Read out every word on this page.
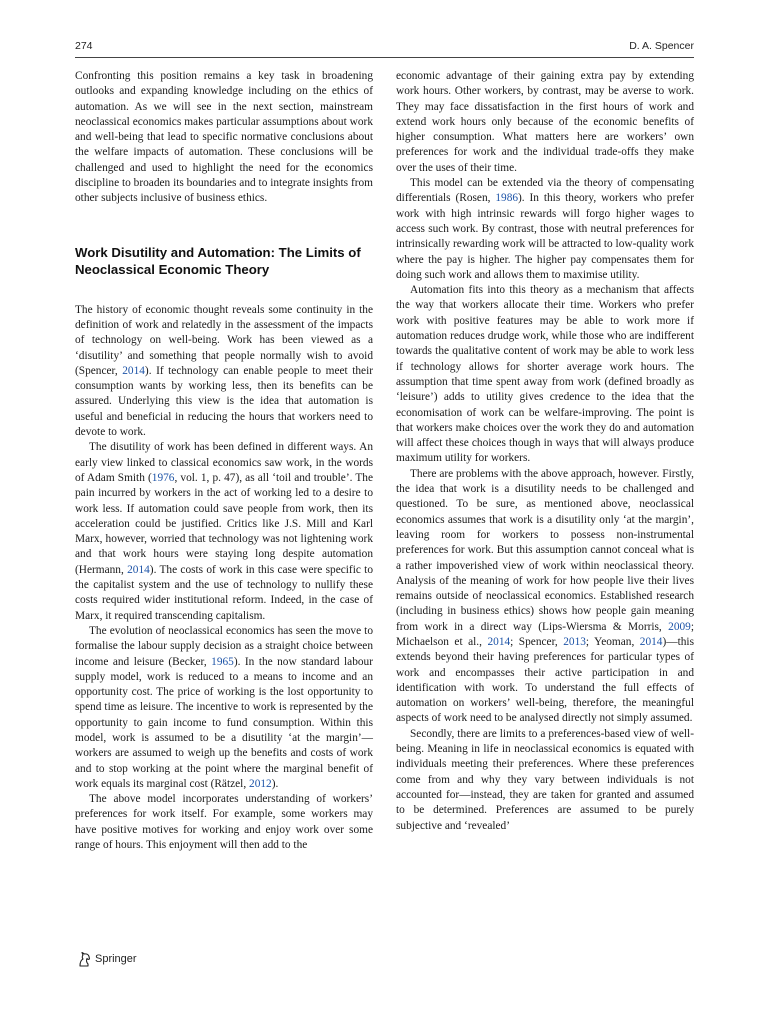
274	D. A. Spencer

Confronting this position remains a key task in broadening outlooks and expanding knowledge including on the ethics of automation. As we will see in the next section, mainstream neoclassical economics makes particular assumptions about work and well-being that lead to specific normative conclusions about the welfare impacts of automation. These conclusions will be challenged and used to highlight the need for the economics discipline to broaden its boundaries and to integrate insights from other subjects inclusive of business ethics.

Work Disutility and Automation: The Limits of Neoclassical Economic Theory

The history of economic thought reveals some continuity in the definition of work and relatedly in the assessment of the impacts of technology on well-being. Work has been viewed as a ‘disutility’ and something that people normally wish to avoid (Spencer, 2014). If technology can enable people to meet their consumption wants by working less, then its benefits can be assured. Underlying this view is the idea that automation is useful and beneficial in reducing the hours that workers need to devote to work.

The disutility of work has been defined in different ways. An early view linked to classical economics saw work, in the words of Adam Smith (1976, vol. 1, p. 47), as all ‘toil and trouble’. The pain incurred by workers in the act of working led to a desire to work less. If automation could save people from work, then its acceleration could be justified. Critics like J.S. Mill and Karl Marx, however, worried that technology was not lightening work and that work hours were staying long despite automation (Hermann, 2014). The costs of work in this case were specific to the capitalist system and the use of technology to nullify these costs required wider institutional reform. Indeed, in the case of Marx, it required transcending capitalism.

The evolution of neoclassical economics has seen the move to formalise the labour supply decision as a straight choice between income and leisure (Becker, 1965). In the now standard labour supply model, work is reduced to a means to income and an opportunity cost. The price of working is the lost opportunity to spend time as leisure. The incentive to work is represented by the opportunity to gain income to fund consumption. Within this model, work is assumed to be a disutility ‘at the margin’—workers are assumed to weigh up the benefits and costs of work and to stop working at the point where the marginal benefit of work equals its marginal cost (Rätzel, 2012).

The above model incorporates understanding of workers’ preferences for work itself. For example, some workers may have positive motives for working and enjoy work over some range of hours. This enjoyment will then add to the

economic advantage of their gaining extra pay by extending work hours. Other workers, by contrast, may be averse to work. They may face dissatisfaction in the first hours of work and extend work hours only because of the economic benefits of higher consumption. What matters here are workers’ own preferences for work and the individual trade-offs they make over the uses of their time.

This model can be extended via the theory of compensating differentials (Rosen, 1986). In this theory, workers who prefer work with high intrinsic rewards will forgo higher wages to access such work. By contrast, those with neutral preferences for intrinsically rewarding work will be attracted to low-quality work where the pay is higher. The higher pay compensates them for doing such work and allows them to maximise utility.

Automation fits into this theory as a mechanism that affects the way that workers allocate their time. Workers who prefer work with positive features may be able to work more if automation reduces drudge work, while those who are indifferent towards the qualitative content of work may be able to work less if technology allows for shorter average work hours. The assumption that time spent away from work (defined broadly as ‘leisure’) adds to utility gives credence to the idea that the economisation of work can be welfare-improving. The point is that workers make choices over the work they do and automation will affect these choices though in ways that will always produce maximum utility for workers.

There are problems with the above approach, however. Firstly, the idea that work is a disutility needs to be challenged and questioned. To be sure, as mentioned above, neoclassical economics assumes that work is a disutility only ‘at the margin’, leaving room for workers to possess non-instrumental preferences for work. But this assumption cannot conceal what is a rather impoverished view of work within neoclassical theory. Analysis of the meaning of work for how people live their lives remains outside of neoclassical economics. Established research (including in business ethics) shows how people gain meaning from work in a direct way (Lips-Wiersma & Morris, 2009; Michaelson et al., 2014; Spencer, 2013; Yeoman, 2014)—this extends beyond their having preferences for particular types of work and encompasses their active participation in and identification with work. To understand the full effects of automation on workers’ well-being, therefore, the meaningful aspects of work need to be analysed directly not simply assumed.

Secondly, there are limits to a preferences-based view of well-being. Meaning in life in neoclassical economics is equated with individuals meeting their preferences. Where these preferences come from and why they vary between individuals is not accounted for—instead, they are taken for granted and assumed to be determined. Preferences are assumed to be purely subjective and ‘revealed’

Springer
